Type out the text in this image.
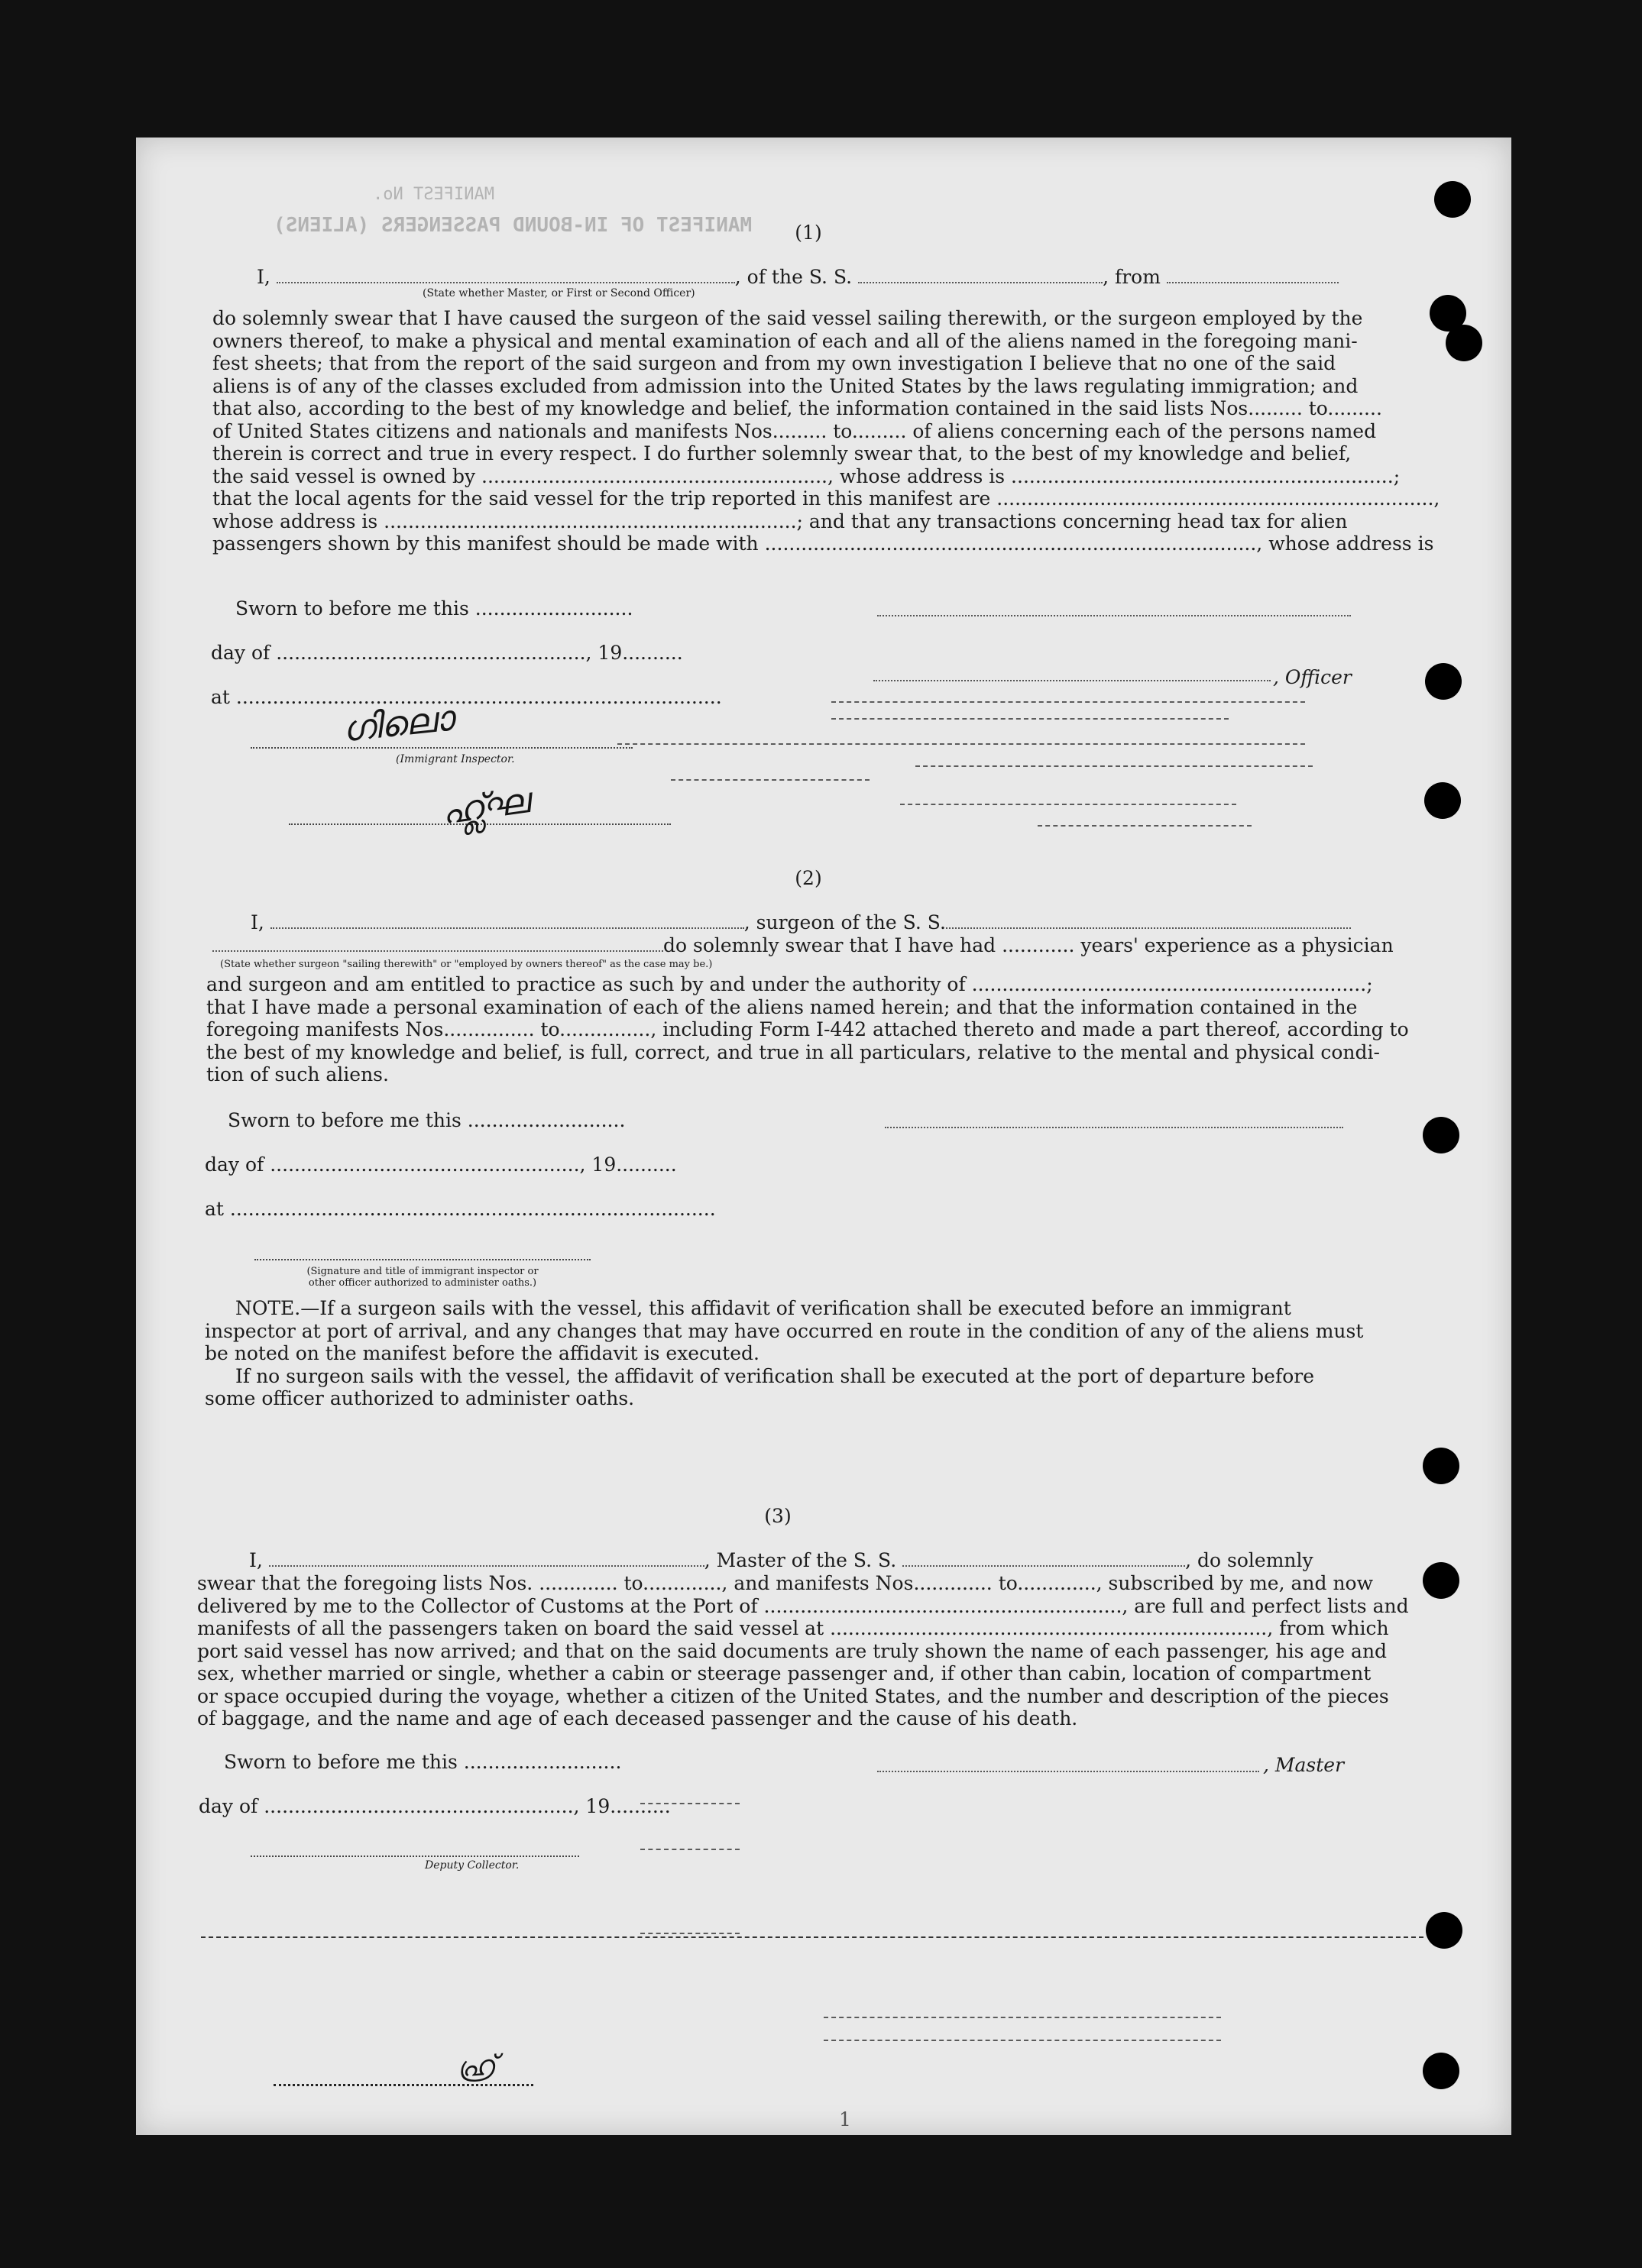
MANIFEST OF IN-BOUND PASSENGERS (ALIENS)
MANIFEST No.
(1)
I,	, of the S. S.	, from
(State whether Master, or First or Second Officer)
do solemnly swear that I have caused the surgeon of the said vessel sailing therewith, or the surgeon employed by the
owners thereof, to make a physical and mental examination of each and all of the aliens named in the foregoing mani-
fest sheets; that from the report of the said surgeon and from my own investigation I believe that no one of the said
aliens is of any of the classes excluded from admission into the United States by the laws regulating immigration; and
that also, according to the best of my knowledge and belief, the information contained in the said lists Nos......... to.........
of United States citizens and nationals and manifests Nos......... to......... of aliens concerning each of the persons named
therein is correct and true in every respect. I do further solemnly swear that, to the best of my knowledge and belief,
the said vessel is owned by ........................................................., whose address is ...............................................................;
that the local agents for the said vessel for the trip reported in this manifest are ........................................................................,
whose address is ....................................................................; and that any transactions concerning head tax for alien
passengers shown by this manifest should be made with ................................................................................., whose address is
Sworn to before me this ..........................
day of ..................................................., 19..........
at ................................................................................
, Officer
ഗിലൊ
(Immigrant Inspector.
ഹ്ല്ഘ
(2)
I,	, surgeon of the S. S.
do solemnly swear that I have had ............ years' experience as a physician
(State whether surgeon "sailing therewith" or "employed by owners thereof" as the case may be.)
and surgeon and am entitled to practice as such by and under the authority of .................................................................;
that I have made a personal examination of each of the aliens named herein; and that the information contained in the
foregoing manifests Nos............... to..............., including Form I-442 attached thereto and made a part thereof, according to
the best of my knowledge and belief, is full, correct, and true in all particulars, relative to the mental and physical condi-
tion of such aliens.
Sworn to before me this ..........................
day of ..................................................., 19..........
at ................................................................................
(Signature and title of immigrant inspector or
other officer authorized to administer oaths.)
NOTE.—If a surgeon sails with the vessel, this affidavit of verification shall be executed before an immigrant
inspector at port of arrival, and any changes that may have occurred en route in the condition of any of the aliens must
be noted on the manifest before the affidavit is executed.
If no surgeon sails with the vessel, the affidavit of verification shall be executed at the port of departure before
some officer authorized to administer oaths.
(3)
I,	, Master of the S. S.	, do solemnly
swear that the foregoing lists Nos. ............. to............., and manifests Nos............. to............., subscribed by me, and now
delivered by me to the Collector of Customs at the Port of ..........................................................., are full and perfect lists and
manifests of all the passengers taken on board the said vessel at ........................................................................, from which
port said vessel has now arrived; and that on the said documents are truly shown the name of each passenger, his age and
sex, whether married or single, whether a cabin or steerage passenger and, if other than cabin, location of compartment
or space occupied during the voyage, whether a citizen of the United States, and the number and description of the pieces
of baggage, and the name and age of each deceased passenger and the cause of his death.
Sworn to before me this ..........................
day of ..................................................., 19..........
, Master
Deputy Collector.
ഹ്ര്
1
